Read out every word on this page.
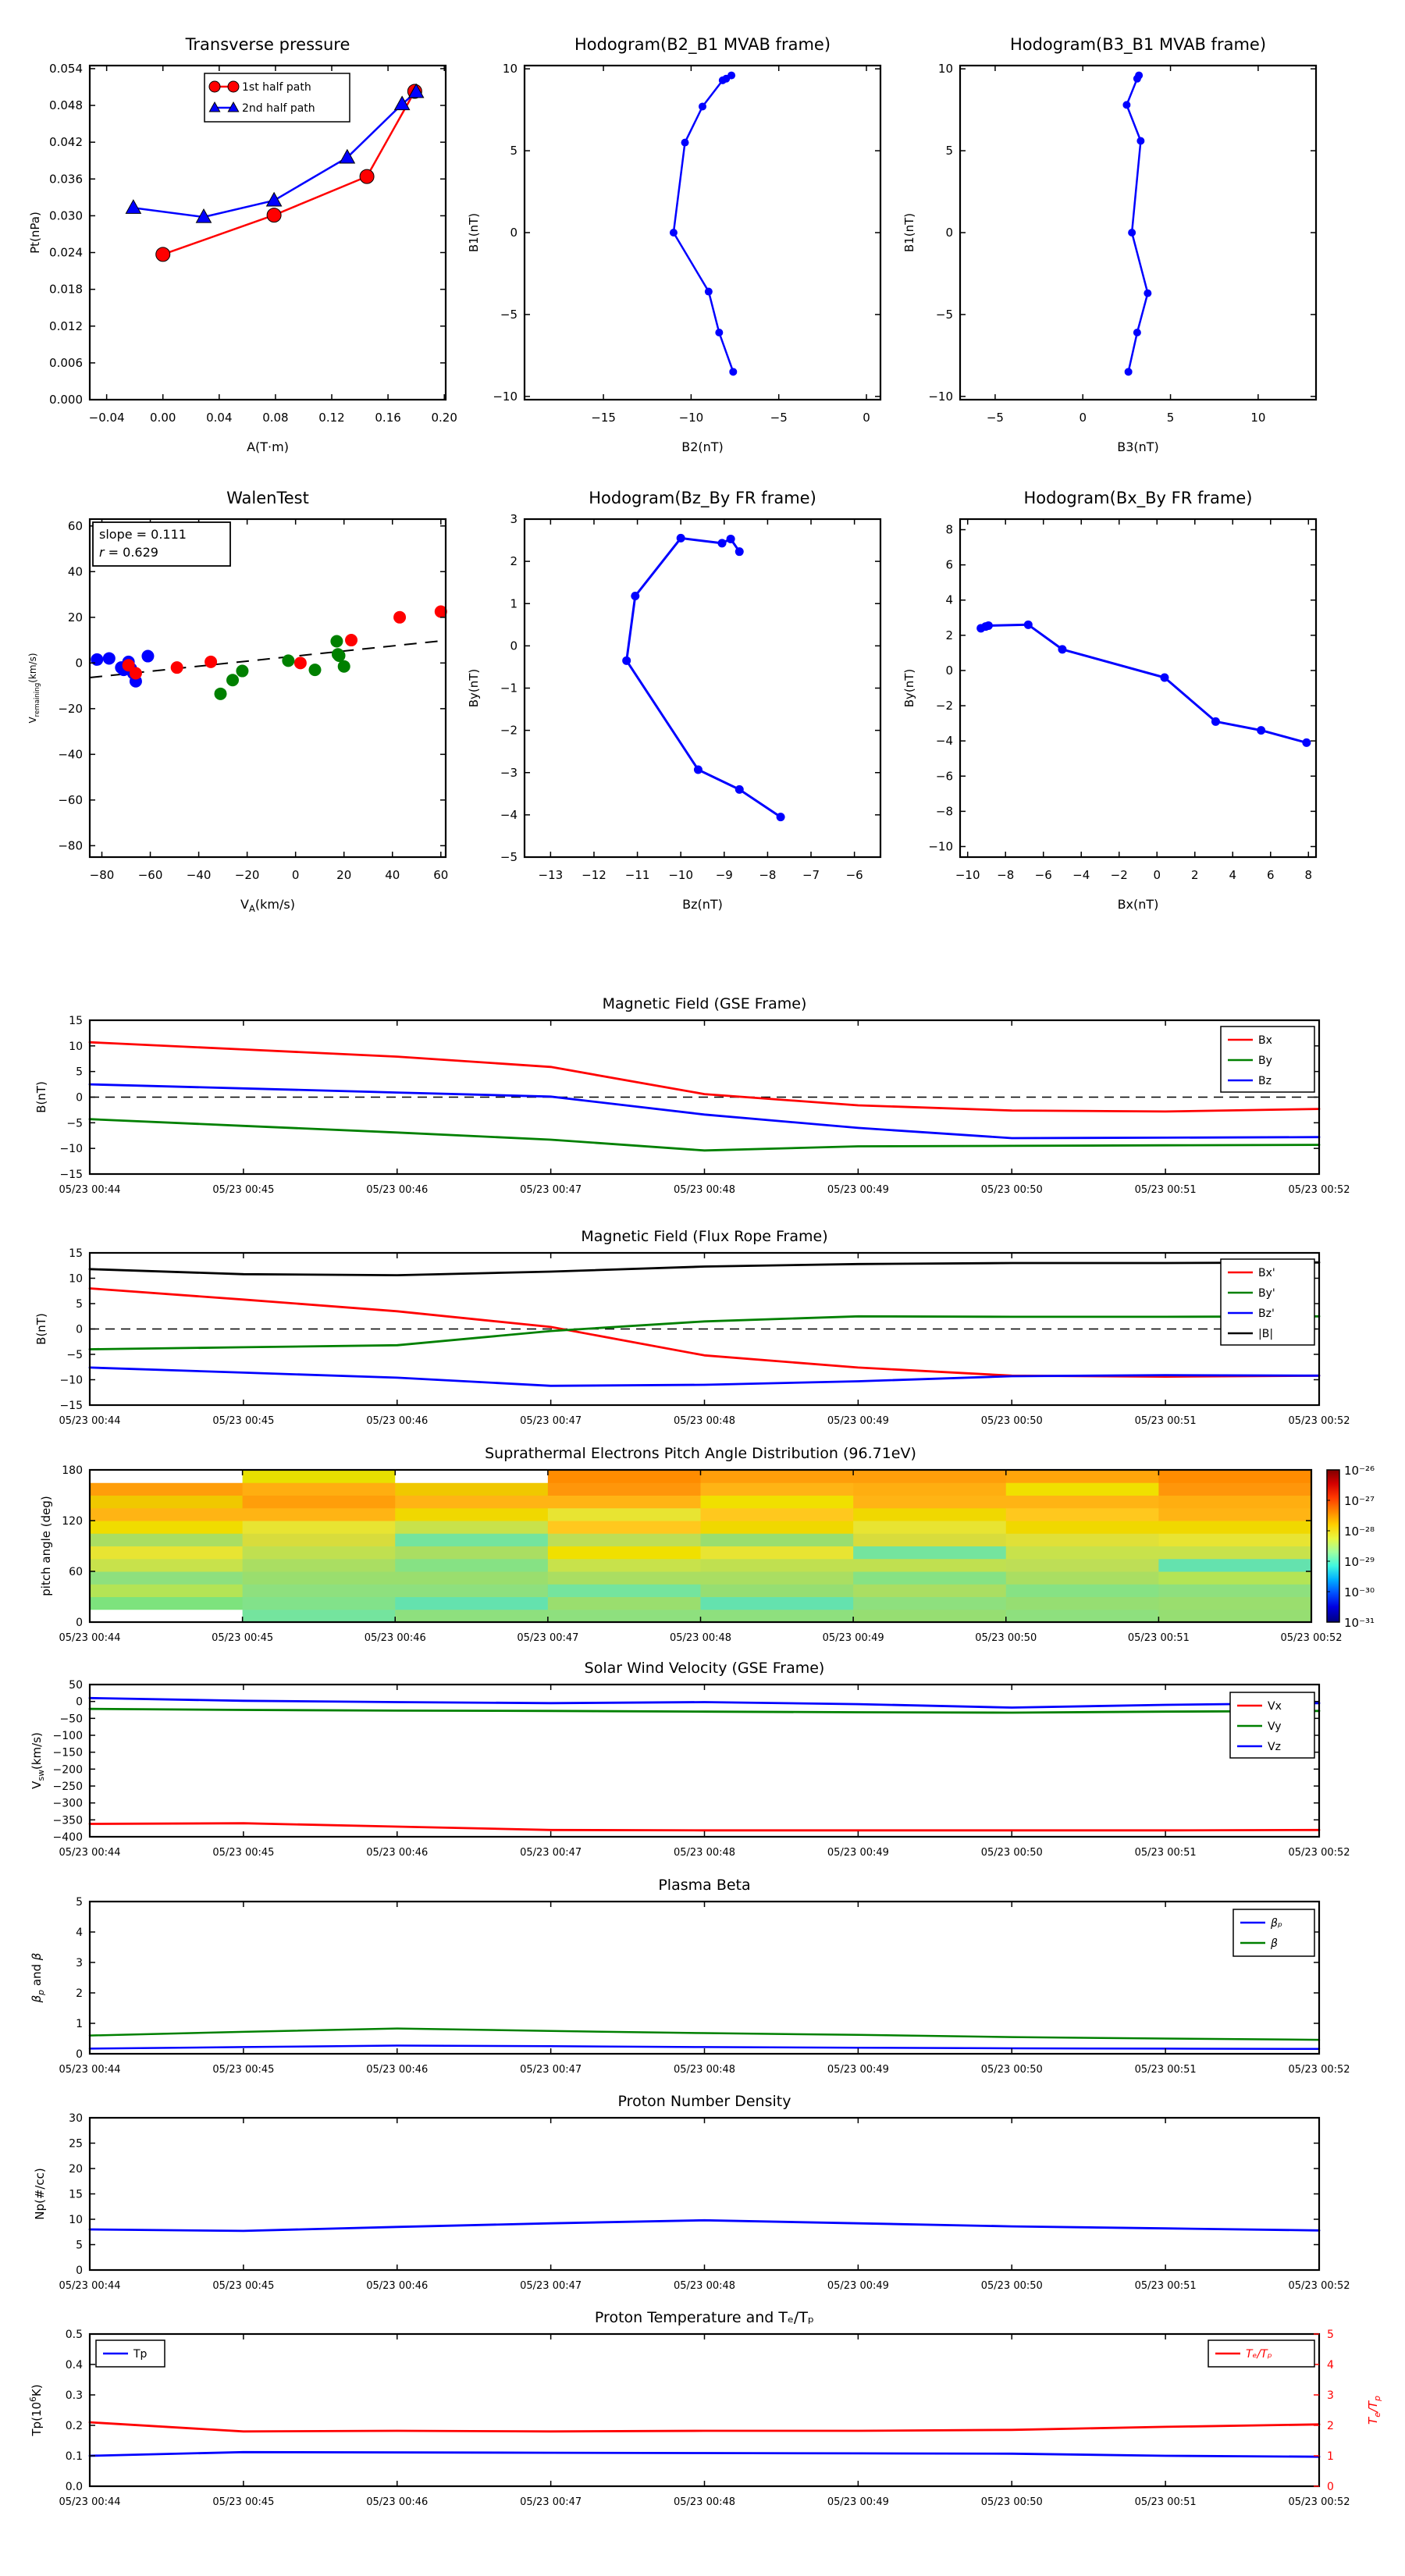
Transverse pressure
−0.04 0.00	0.04	0.08	0.12	0.16	0.20
0.000
0.006
0.012
0.018
0.024
0.030
0.036
0.042
0.048
0.054
A(T·m)
Pt(nPa)
1st half path
2nd half path
Hodogram(B2_B1 MVAB frame)
−15	−10	−5	0
−10
−5
0
5
10
B2(nT)
B1(nT)
Hodogram(B3_B1 MVAB frame)
−5	0	5	10
−10
−5
0
5
10
B3(nT)
B1(nT)
WalenTest
−80 −60 −40 −20	0	20	40	60
−80
−60
−40
−20
0
20
40
60
$V_A(km/s)$
$V_{remaining}(km/s)$
slope = 0.111
r = 0.629
Hodogram(Bz_By FR frame)
−13 −12 −11 −10 −9 −8 −7 −6
−5
−4
−3
−2
−1
0
1
2
3
Bz(nT)
By(nT)
Hodogram(Bx_By FR frame)
−10 −8 −6 −4 −2 0	2	4	6	8
−10
−8
−6
−4
−2
0
2
4
6
8
Bx(nT)
By(nT)
Magnetic Field (GSE Frame)
05/23 00:44	05/23 00:45	05/23 00:46	05/23 00:47	05/23 00:48	05/23 00:49	05/23 00:50	05/23 00:51	05/23 00:52
−15
−10
−5
0
5
10
15
B(nT)
Bx
By
Bz
Magnetic Field (Flux Rope Frame)
05/23 00:44	05/23 00:45	05/23 00:46	05/23 00:47	05/23 00:48	05/23 00:49	05/23 00:50	05/23 00:51	05/23 00:52
−15
−10
−5
0
5
10
15
B(nT)
Bx'
By'
Bz'
|B|
Suprathermal Electrons Pitch Angle Distribution (96.71eV)
05/23 00:44	05/23 00:45	05/23 00:46	05/23 00:47	05/23 00:48	05/23 00:49	05/23 00:50	05/23 00:51	05/23 00:52
0
60
120
180
pitch angle (deg)
10⁻²⁶
10⁻²⁷
10⁻²⁸
10⁻²⁹
10⁻³⁰
10⁻³¹
Solar Wind Velocity (GSE Frame)
05/23 00:44	05/23 00:45	05/23 00:46	05/23 00:47	05/23 00:48	05/23 00:49	05/23 00:50	05/23 00:51	05/23 00:52
−400
−350
−300
−250
−200
−150
−100
−50
0
50
$V_{sw}(km/s)$
Vx
Vy
Vz
Plasma Beta
05/23 00:44	05/23 00:45	05/23 00:46	05/23 00:47	05/23 00:48	05/23 00:49	05/23 00:50	05/23 00:51	05/23 00:52
0
1
2
3
4
5
$\beta_p$ and β
βₚ
β
Proton Number Density
05/23 00:44	05/23 00:45	05/23 00:46	05/23 00:47	05/23 00:48	05/23 00:49	05/23 00:50	05/23 00:51	05/23 00:52
0
5
10
15
20
25
30
Np(#/cc)
Proton Temperature and Tₑ/Tₚ
05/23 00:44	05/23 00:45	05/23 00:46	05/23 00:47	05/23 00:48	05/23 00:49	05/23 00:50	05/23 00:51	05/23 00:52
0.0
0.1
0.2
0.3
0.4
0.5
0
1
2
3
4
5
$T_e/T_p$
$Tp(10^6K)$
Tp	Tₑ/Tₚ
